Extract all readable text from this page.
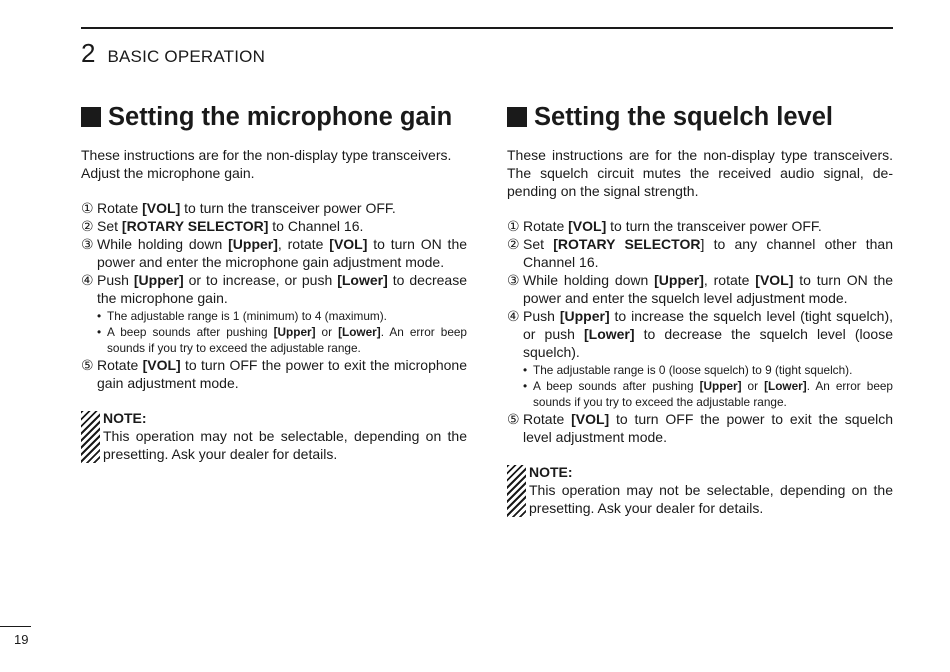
2 BASIC OPERATION
Setting the microphone gain

These instructions are for the non-display type transceivers.

Adjust the microphone gain.

① Rotate [VOL] to turn the transceiver power OFF.
② Set [ROTARY SELECTOR] to Channel 16.
③ While holding down [Upper], rotate [VOL] to turn ON the power and enter the microphone gain adjustment mode.
④ Push [Upper] or to increase, or push [Lower] to decrease the microphone gain.
• The adjustable range is 1 (minimum) to 4 (maximum).
• A beep sounds after pushing [Upper] or [Lower]. An error beep sounds if you try to exceed the adjustable range.
⑤ Rotate [VOL] to turn OFF the power to exit the microphone gain adjustment mode.
NOTE:
This operation may not be selectable, depending on the presetting. Ask your dealer for details.
Setting the squelch level

These instructions are for the non-display type transceivers. The squelch circuit mutes the received audio signal, de-pending on the signal strength.

① Rotate [VOL] to turn the transceiver power OFF.
② Set [ROTARY SELECTOR] to any channel other than Channel 16.
③ While holding down [Upper], rotate [VOL] to turn ON the power and enter the squelch level adjustment mode.
④ Push [Upper] to increase the squelch level (tight squelch), or push [Lower] to decrease the squelch level (loose squelch).
• The adjustable range is 0 (loose squelch) to 9 (tight squelch).
• A beep sounds after pushing [Upper] or [Lower]. An error beep sounds if you try to exceed the adjustable range.
⑤ Rotate [VOL] to turn OFF the power to exit the squelch level adjustment mode.
NOTE:
This operation may not be selectable, depending on the presetting. Ask your dealer for details.
19
